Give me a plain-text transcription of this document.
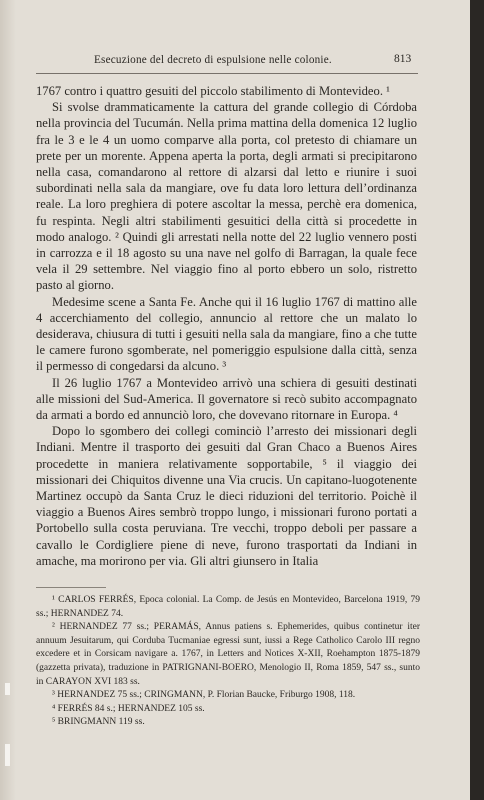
Esecuzione del decreto di espulsione nelle colonie.	813

1767 contro i quattro gesuiti del piccolo stabilimento di Montevideo. ¹

Si svolse drammaticamente la cattura del grande collegio di Córdoba nella provincia del Tucumán. Nella prima mattina della domenica 12 luglio fra le 3 e le 4 un uomo comparve alla porta, col pretesto di chiamare un prete per un morente. Appena aperta la porta, degli armati si precipitarono nella casa, comandarono al rettore di alzarsi dal letto e riunire i suoi subordinati nella sala da mangiare, ove fu data loro lettura dell’ordinanza reale. La loro preghiera di potere ascoltar la messa, perchè era domenica, fu respinta. Negli altri stabilimenti gesuitici della città si procedette in modo analogo. ² Quindi gli arrestati nella notte del 22 luglio vennero posti in carrozza e il 18 agosto su una nave nel golfo di Barragan, la quale fece vela il 29 settembre. Nel viaggio fino al porto ebbero un solo, ristretto pasto al giorno.

Medesime scene a Santa Fe. Anche qui il 16 luglio 1767 di mattino alle 4 accerchiamento del collegio, annuncio al rettore che un malato lo desiderava, chiusura di tutti i gesuiti nella sala da mangiare, fino a che tutte le camere furono sgomberate, nel pomeriggio espulsione dalla città, senza il permesso di congedarsi da alcuno. ³

Il 26 luglio 1767 a Montevideo arrivò una schiera di gesuiti destinati alle missioni del Sud-America. Il governatore si recò subito accompagnato da armati a bordo ed annunciò loro, che dovevano ritornare in Europa. ⁴

Dopo lo sgombero dei collegi cominciò l’arresto dei missionari degli Indiani. Mentre il trasporto dei gesuiti dal Gran Chaco a Buenos Aires procedette in maniera relativamente sopportabile, ⁵ il viaggio dei missionari dei Chiquitos divenne una Via crucis. Un capitano-luogotenente Martinez occupò da Santa Cruz le dieci riduzioni del territorio. Poichè il viaggio a Buenos Aires sembrò troppo lungo, i missionari furono portati a Portobello sulla costa peruviana. Tre vecchi, troppo deboli per passare a cavallo le Cordigliere piene di neve, furono trasportati da Indiani in amache, ma morirono per via. Gli altri giunsero in Italia

¹ CARLOS FERRÉS, Epoca colonial. La Comp. de Jesús en Montevideo, Barcelona 1919, 79 ss.; HERNANDEZ 74.

² HERNANDEZ 77 ss.; PERAMÁS, Annus patiens s. Ephemerides, quibus continetur iter annuum Jesuitarum, qui Corduba Tucmaniae egressi sunt, iussi a Rege Catholico Carolo III regno excedere et in Corsicam navigare a. 1767, in Letters and Notices X-XII, Roehampton 1875-1879 (gazzetta privata), traduzione in PATRIGNANI-BOERO, Menologio II, Roma 1859, 547 ss., sunto in CARAYON XVI 183 ss.

³ HERNANDEZ 75 ss.; CRINGMANN, P. Florian Baucke, Friburgo 1908, 118.

⁴ FERRÉS 84 s.; HERNANDEZ 105 ss.

⁵ BRINGMANN 119 ss.
